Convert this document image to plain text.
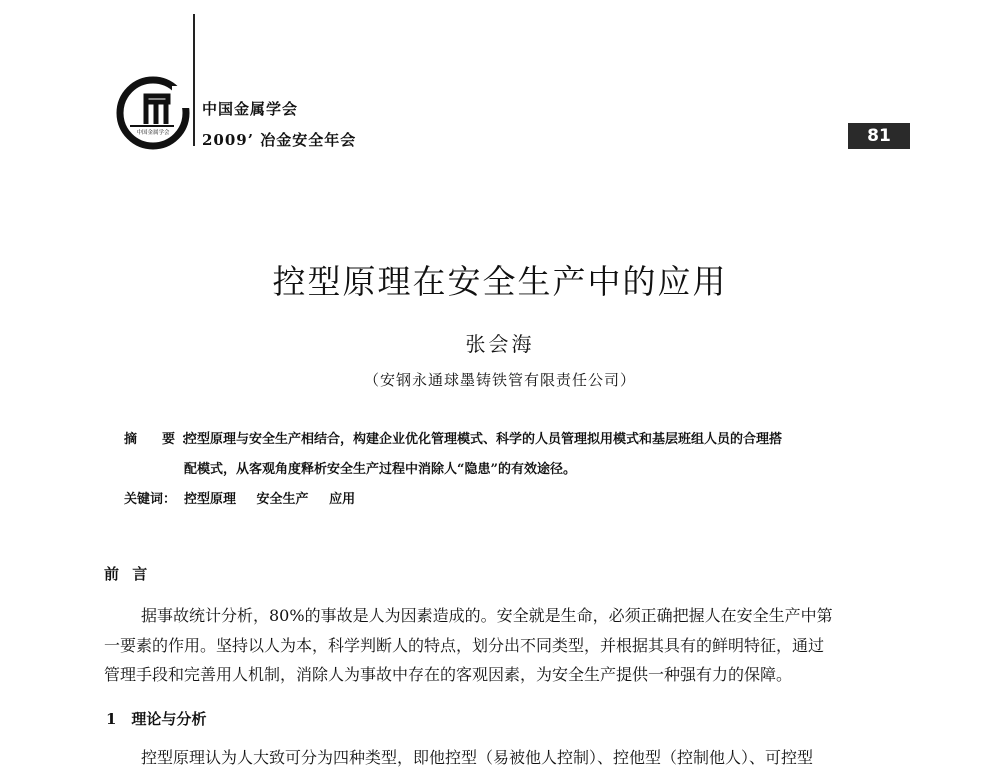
中国金属学会
中国金属学会
2009’ 冶金安全年会	81
控型原理在安全生产中的应用
张会海
（安钢永通球墨铸铁管有限责任公司）
摘　要：
控型原理与安全生产相结合，构建企业优化管理模式、科学的人员管理拟用模式和基层班组人员的合理搭
配模式，从客观角度释析安全生产过程中消除人“隐患”的有效途径。
关键词： 控型原理 安全生产 应用
前 言
据事故统计分析，80%的事故是人为因素造成的。安全就是生命，必须正确把握人在安全生产中第
一要素的作用。坚持以人为本，科学判断人的特点，划分出不同类型，并根据其具有的鲜明特征，通过
管理手段和完善用人机制，消除人为事故中存在的客观因素，为安全生产提供一种强有力的保障。
1　理论与分析
控型原理认为人大致可分为四种类型，即他控型（易被他人控制）、控他型（控制他人）、可控型
